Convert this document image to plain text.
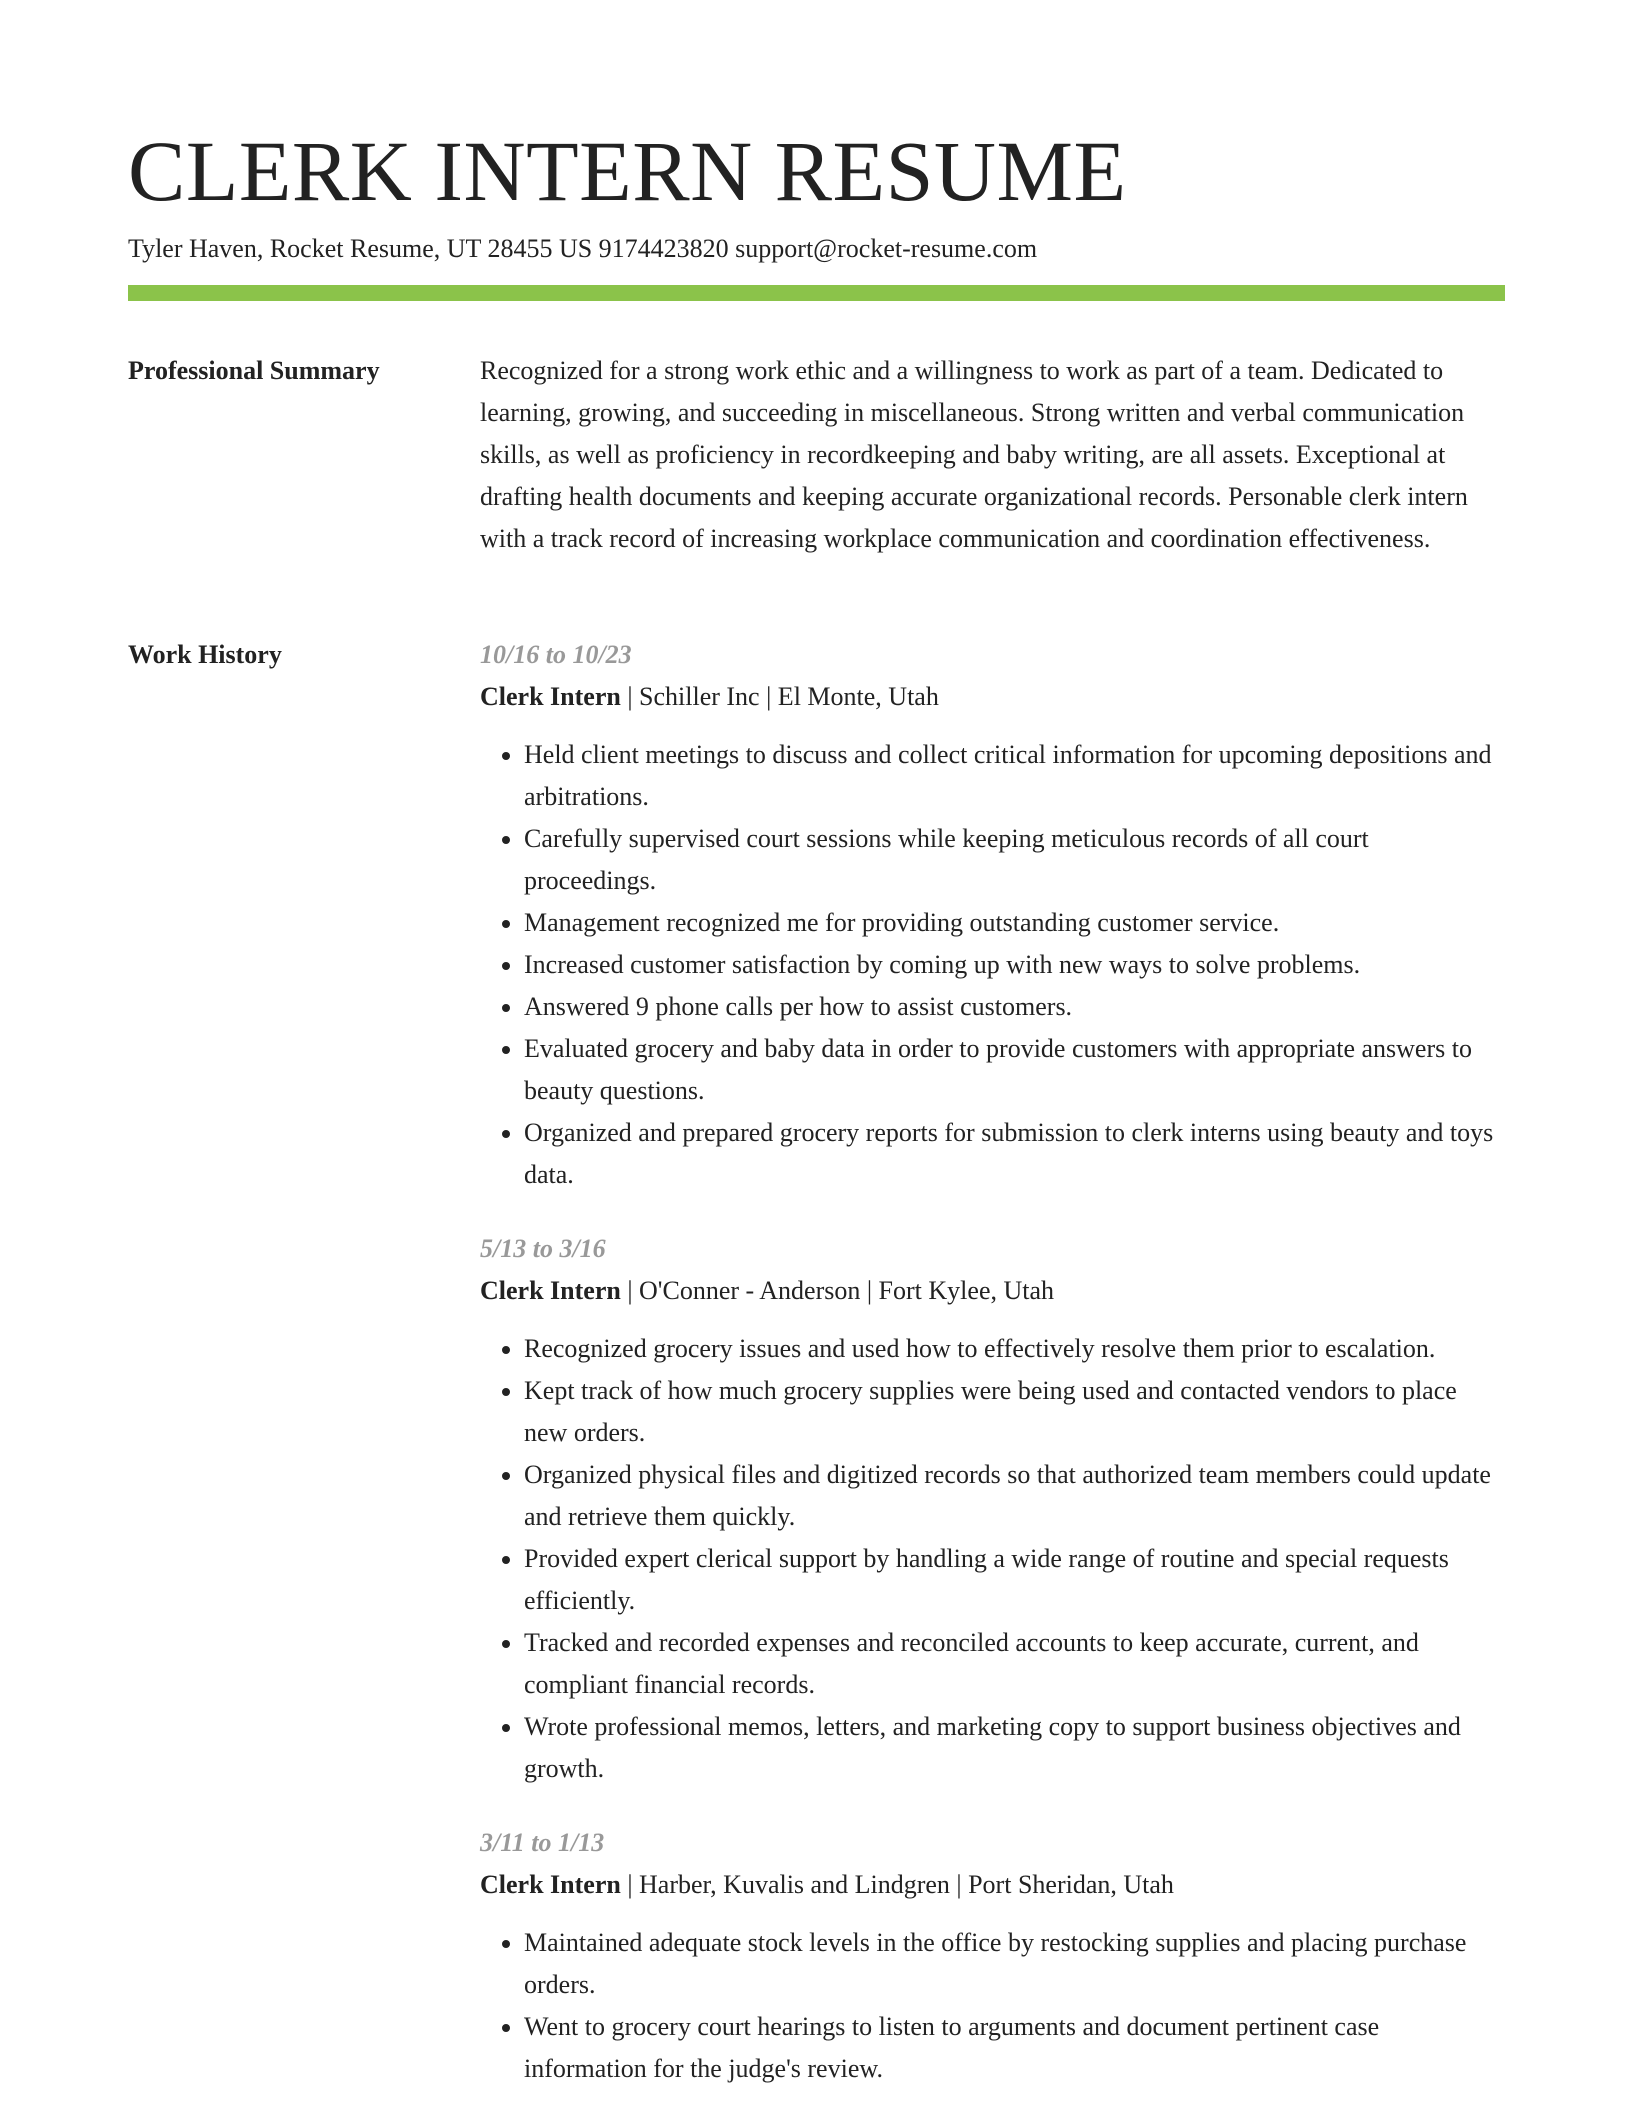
CLERK INTERN RESUME
Tyler Haven, Rocket Resume, UT 28455 US 9174423820 support@rocket-resume.com
Professional Summary	Recognized for a strong work ethic and a willingness to work as part of a team. Dedicated to learning, growing, and succeeding in miscellaneous. Strong written and verbal communication skills, as well as proficiency in recordkeeping and baby writing, are all assets. Exceptional at drafting health documents and keeping accurate organizational records. Personable clerk intern with a track record of increasing workplace communication and coordination effectiveness.

Work History	10/16 to 10/23
Clerk Intern | Schiller Inc | El Monte, Utah
• Held client meetings to discuss and collect critical information for upcoming depositions and arbitrations.
• Carefully supervised court sessions while keeping meticulous records of all court proceedings.
• Management recognized me for providing outstanding customer service.
• Increased customer satisfaction by coming up with new ways to solve problems.
• Answered 9 phone calls per how to assist customers.
• Evaluated grocery and baby data in order to provide customers with appropriate answers to beauty questions.
• Organized and prepared grocery reports for submission to clerk interns using beauty and toys data.
5/13 to 3/16
Clerk Intern | O'Conner - Anderson | Fort Kylee, Utah
• Recognized grocery issues and used how to effectively resolve them prior to escalation.
• Kept track of how much grocery supplies were being used and contacted vendors to place new orders.
• Organized physical files and digitized records so that authorized team members could update and retrieve them quickly.
• Provided expert clerical support by handling a wide range of routine and special requests efficiently.
• Tracked and recorded expenses and reconciled accounts to keep accurate, current, and compliant financial records.
• Wrote professional memos, letters, and marketing copy to support business objectives and growth.
3/11 to 1/13
Clerk Intern | Harber, Kuvalis and Lindgren | Port Sheridan, Utah
• Maintained adequate stock levels in the office by restocking supplies and placing purchase orders.
• Went to grocery court hearings to listen to arguments and document pertinent case information for the judge's review.
